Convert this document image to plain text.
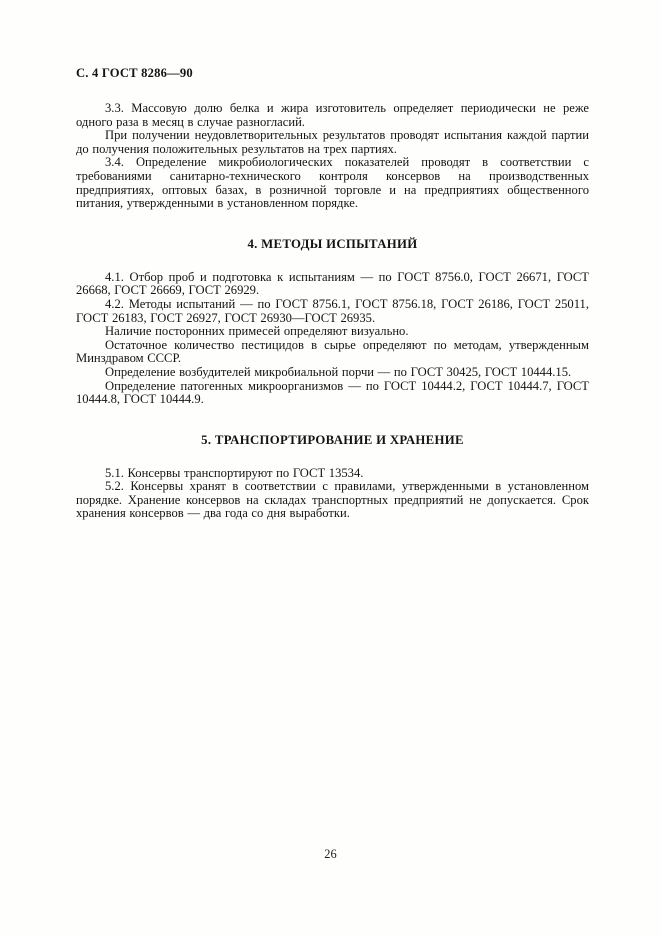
С. 4 ГОСТ 8286—90

3.3. Массовую долю белка и жира изготовитель определяет периодически не реже одного раза в месяц в случае разногласий.

При получении неудовлетворительных результатов проводят испытания каждой партии до получения положительных результатов на трех партиях.

3.4. Определение микробиологических показателей проводят в соответствии с требованиями санитарно-технического контроля консервов на производственных предприятиях, оптовых базах, в розничной торговле и на предприятиях общественного питания, утвержденными в установленном порядке.

4. МЕТОДЫ ИСПЫТАНИЙ

4.1. Отбор проб и подготовка к испытаниям — по ГОСТ 8756.0, ГОСТ 26671, ГОСТ 26668, ГОСТ 26669, ГОСТ 26929.

4.2. Методы испытаний — по ГОСТ 8756.1, ГОСТ 8756.18, ГОСТ 26186, ГОСТ 25011, ГОСТ 26183, ГОСТ 26927, ГОСТ 26930—ГОСТ 26935.

Наличие посторонних примесей определяют визуально.

Остаточное количество пестицидов в сырье определяют по методам, утвержденным Минздравом СССР.

Определение возбудителей микробиальной порчи — по ГОСТ 30425, ГОСТ 10444.15.

Определение патогенных микроорганизмов — по ГОСТ 10444.2, ГОСТ 10444.7, ГОСТ 10444.8, ГОСТ 10444.9.

5. ТРАНСПОРТИРОВАНИЕ И ХРАНЕНИЕ

5.1. Консервы транспортируют по ГОСТ 13534.

5.2. Консервы хранят в соответствии с правилами, утвержденными в установленном порядке. Хранение консервов на складах транспортных предприятий не допускается. Срок хранения консервов — два года со дня выработки.

26
